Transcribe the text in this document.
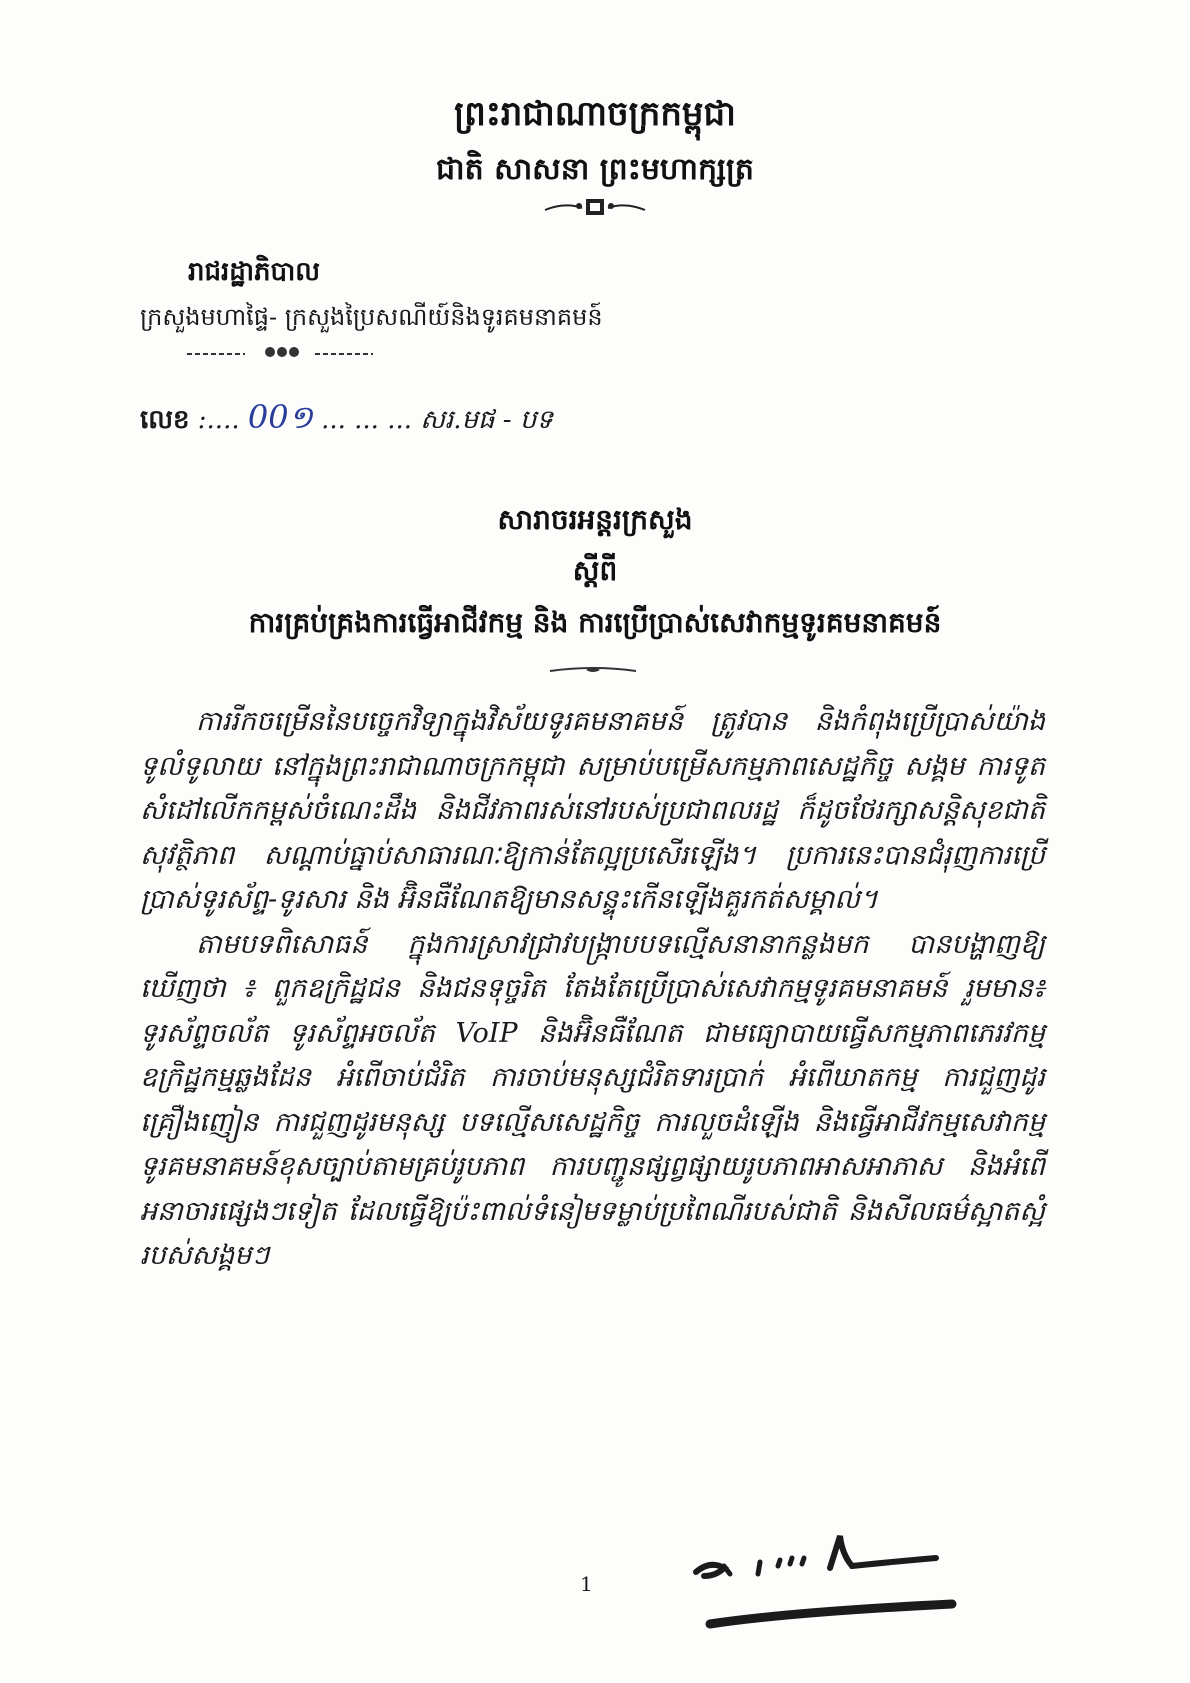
ព្រះរាជាណាចក្រកម្ពុជា
ជាតិ សាសនា ព្រះមហាក្សត្រ
រាជរដ្ឋាភិបាល
ក្រសួងមហាផ្ទៃ- ក្រសួងប្រៃសណីយ៍និងទូរគមនាគមន៍
លេខ :.... 00១ ... ... ... សរ.មផ - បទ
សារាចរអន្តរក្រសួង
ស្តីពី
ការគ្រប់គ្រងការធ្វើអាជីវកម្ម និង ការប្រើប្រាស់សេវាកម្មទូរគមនាគមន៍

ការរីកចម្រើននៃបច្ចេកវិទ្យាក្នុងវិស័យទូរគមនាគមន៍ ត្រូវបាន និងកំពុងប្រើប្រាស់យ៉ាងទូលំទូលាយ នៅក្នុងព្រះរាជាណាចក្រកម្ពុជា សម្រាប់បម្រើសកម្មភាពសេដ្ឋកិច្ច សង្គម ការទូត សំដៅលើកកម្ពស់ចំណេះដឹង និងជីវភាពរស់នៅរបស់ប្រជាពលរដ្ឋ ក៏ដូចថែរក្សាសន្តិសុខជាតិ សុវត្ថិភាព សណ្តាប់ធ្នាប់សាធារណៈឱ្យកាន់តែល្អប្រសើរឡើង។ ប្រការនេះបានជំរុញការប្រើប្រាស់ទូរស័ព្ទ-ទូរសារ និង អ៊ិនធឺណែតឱ្យមានសន្ទុះកើនឡើងគួរកត់សម្គាល់។

តាមបទពិសោធន៍ ក្នុងការស្រាវជ្រាវបង្ក្រាបបទល្មើសនានាកន្លងមក បានបង្ហាញឱ្យឃើញថា ៖ ពួកឧក្រិដ្ឋជន និងជនទុច្ចរិត តែងតែប្រើប្រាស់សេវាកម្មទូរគមនាគមន៍ រួមមាន៖ ទូរស័ព្ទចល័ត ទូរស័ព្ទអចល័ត VoIP និងអ៊ិនធឺណែត ជាមធ្យោបាយធ្វើសកម្មភាពភេរវកម្ម ឧក្រិដ្ឋកម្មឆ្លងដែន អំពើចាប់ជំរិត ការចាប់មនុស្សជំរិតទារប្រាក់ អំពើឃាតកម្ម ការជួញដូរគ្រឿងញៀន ការជួញដូរមនុស្ស បទល្មើសសេដ្ឋកិច្ច ការលួចដំឡើង និងធ្វើអាជីវកម្មសេវាកម្មទូរគមនាគមន៍ខុសច្បាប់តាមគ្រប់រូបភាព ការបញ្ជូនផ្សព្វផ្សាយរូបភាពអាសអាភាស និងអំពើអនាចារផ្សេងៗទៀត ដែលធ្វើឱ្យប៉ះពាល់ទំនៀមទម្លាប់ប្រពៃណីរបស់ជាតិ និងសីលធម៌ស្អាតស្អំរបស់សង្គមៗ

1
